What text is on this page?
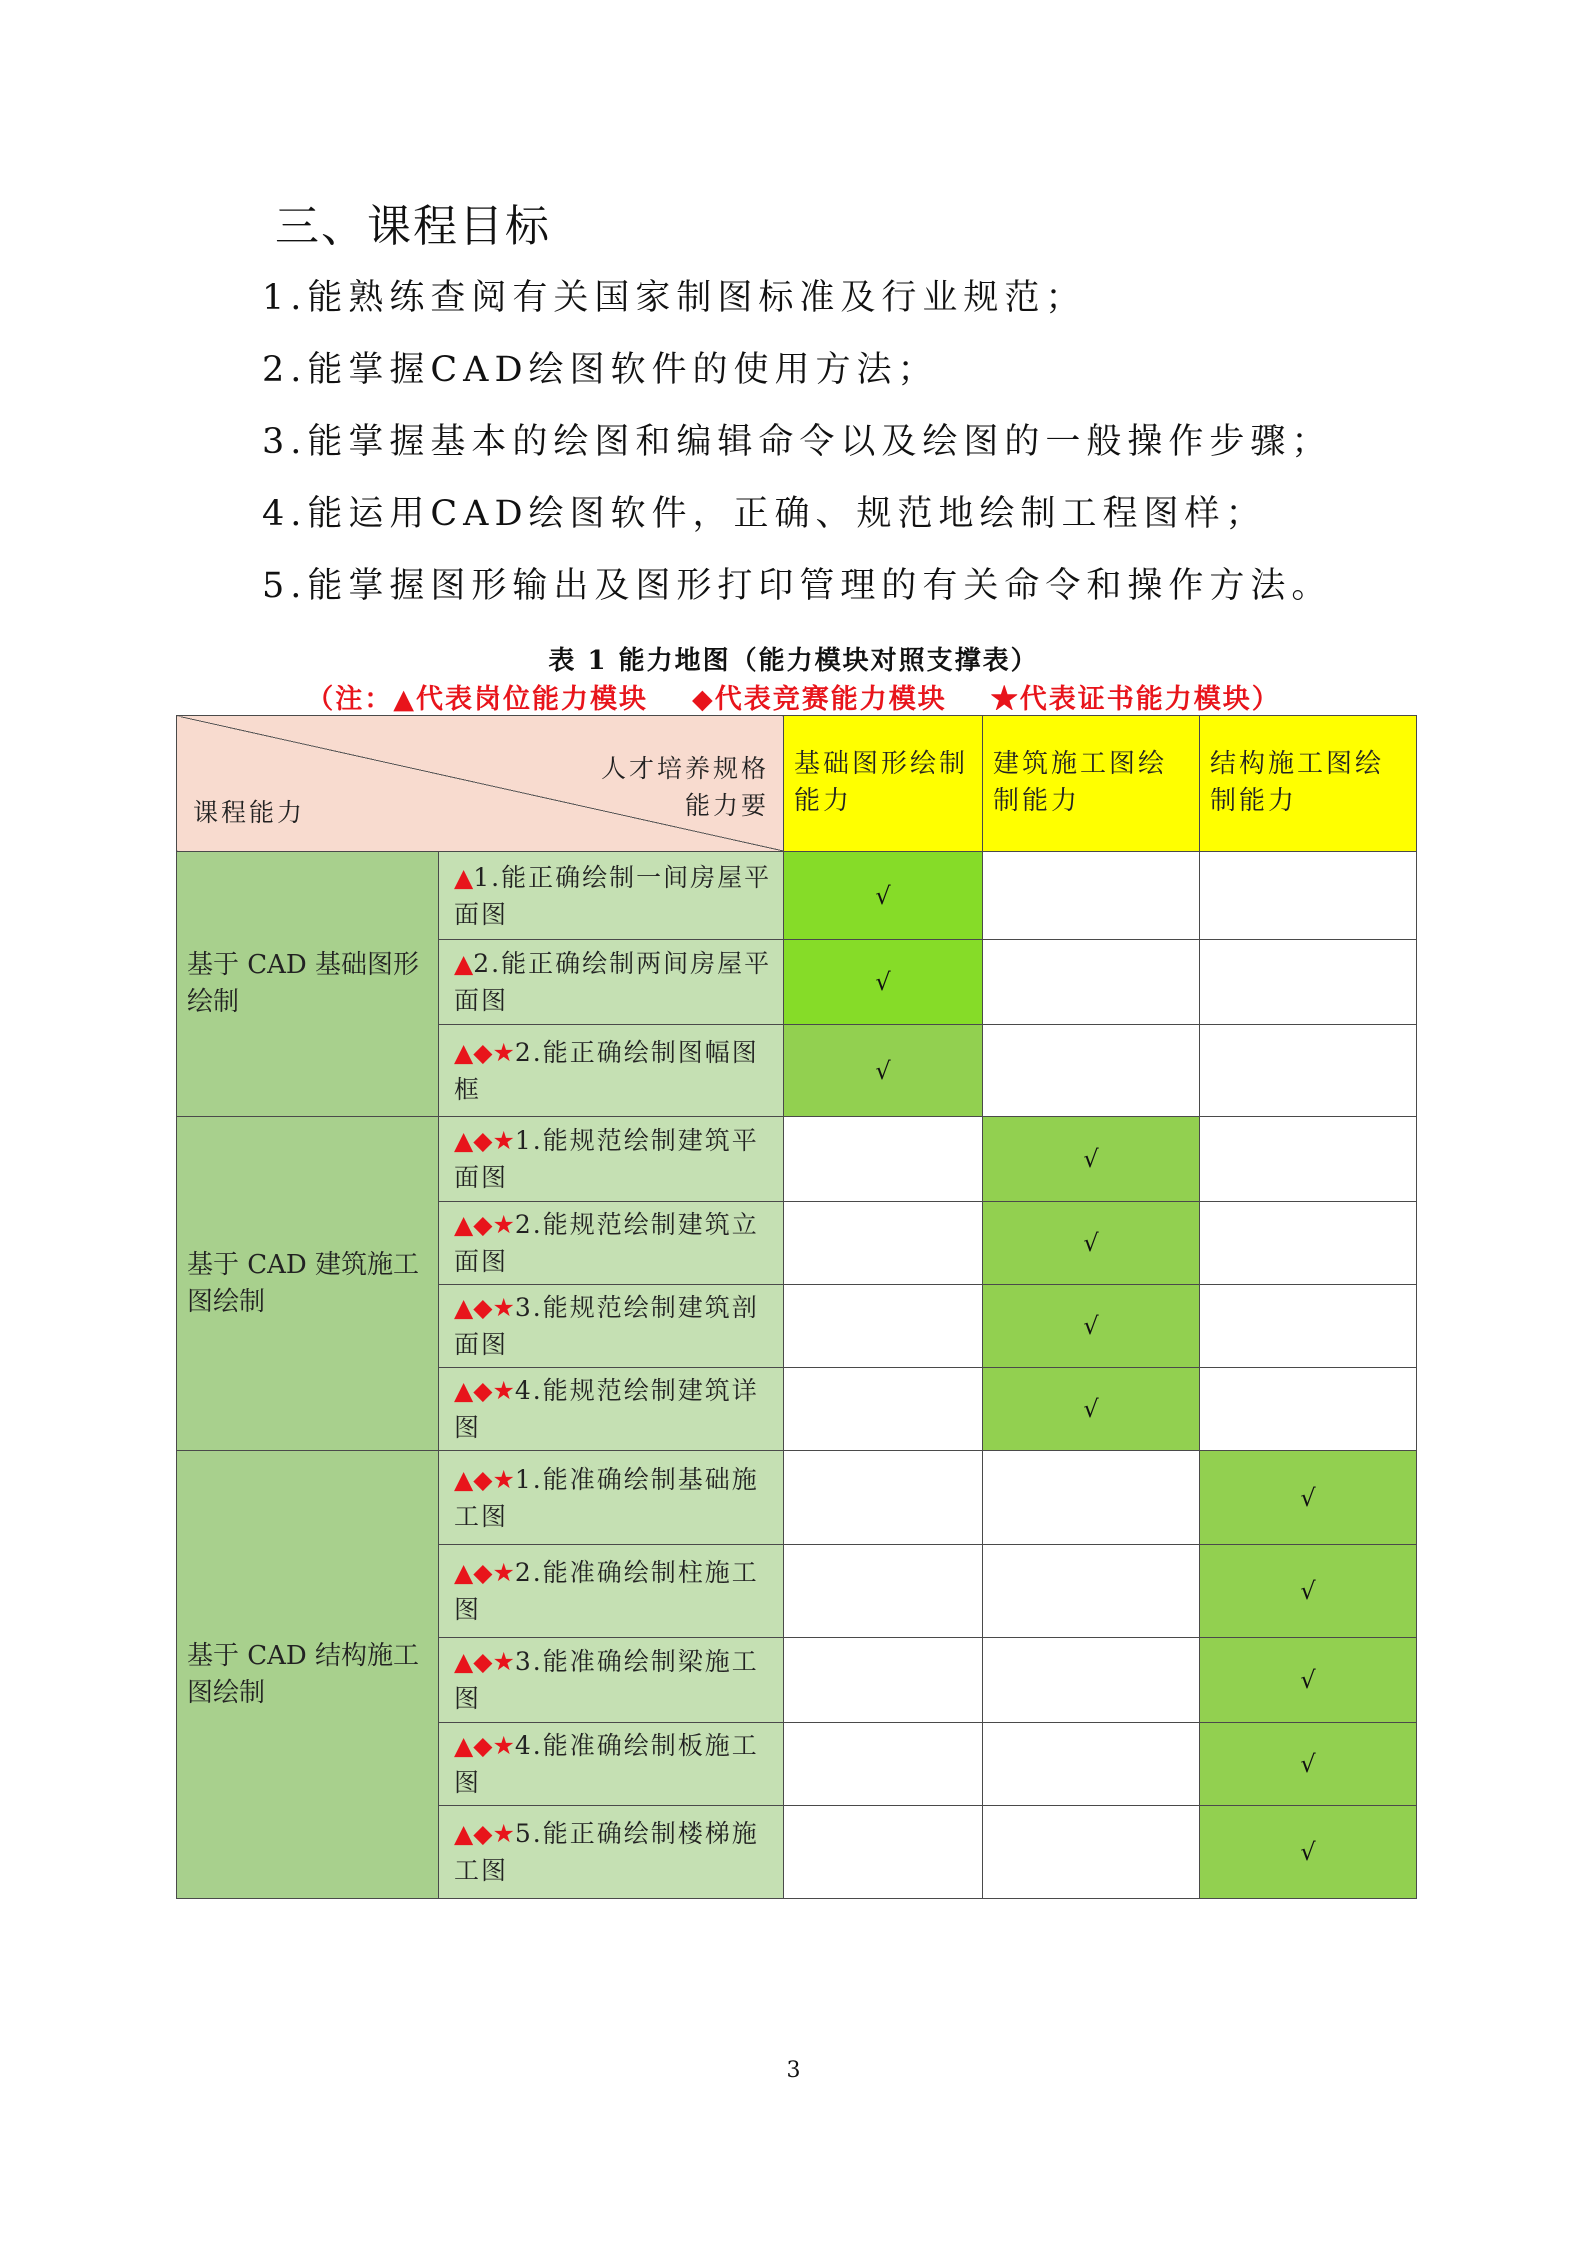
三、课程目标
1.能熟练查阅有关国家制图标准及行业规范；
2.能掌握CAD绘图软件的使用方法；
3.能掌握基本的绘图和编辑命令以及绘图的一般操作步骤；
4.能运用CAD绘图软件，正确、规范地绘制工程图样；
5.能掌握图形输出及图形打印管理的有关命令和操作方法。
表 1 能力地图（能力模块对照支撑表）
（注：▲代表岗位能力模块 ◆代表竞赛能力模块 ★代表证书能力模块）
人才培养规格
能力要
课程能力		基础图形绘制能力	建筑施工图绘制能力	结构施工图绘制能力
基于 CAD 基础图形绘制	▲1.能正确绘制一间房屋平面图	√		
	▲2.能正确绘制两间房屋平面图	√		
	▲◆★2.能正确绘制图幅图框	√		
基于 CAD 建筑施工图绘制	▲◆★1.能规范绘制建筑平面图		√	
	▲◆★2.能规范绘制建筑立面图		√	
	▲◆★3.能规范绘制建筑剖面图		√	
	▲◆★4.能规范绘制建筑详图		√	
基于 CAD 结构施工图绘制	▲◆★1.能准确绘制基础施工图			√
	▲◆★2.能准确绘制柱施工图			√
	▲◆★3.能准确绘制梁施工图			√
	▲◆★4.能准确绘制板施工图			√
	▲◆★5.能正确绘制楼梯施工图			√
3
